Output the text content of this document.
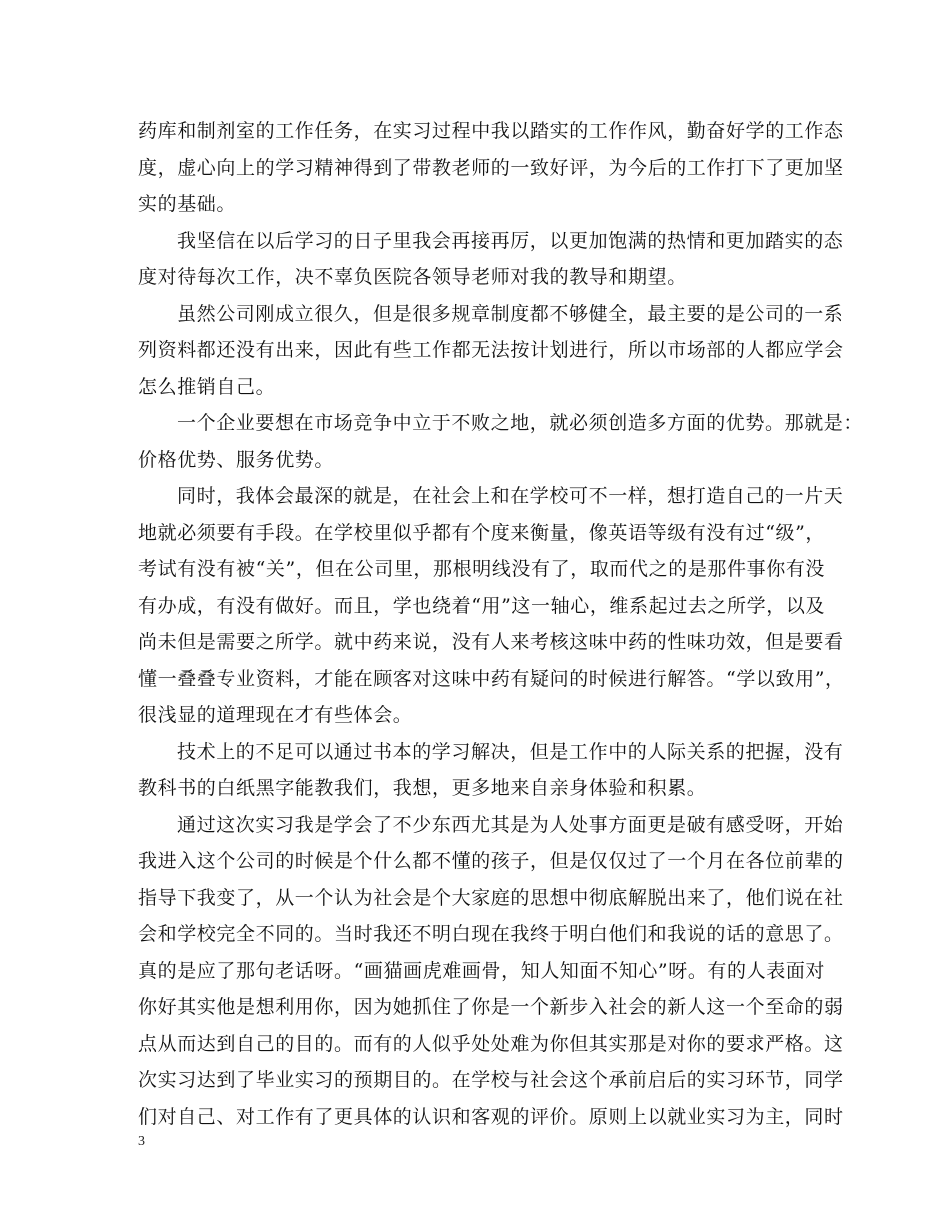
药库和制剂室的工作任务，在实习过程中我以踏实的工作作风，勤奋好学的工作态
度，虚心向上的学习精神得到了带教老师的一致好评，为今后的工作打下了更加坚
实的基础。
我坚信在以后学习的日子里我会再接再厉，以更加饱满的热情和更加踏实的态
度对待每次工作，决不辜负医院各领导老师对我的教导和期望。
虽然公司刚成立很久，但是很多规章制度都不够健全，最主要的是公司的一系
列资料都还没有出来，因此有些工作都无法按计划进行，所以市场部的人都应学会
怎么推销自己。
一个企业要想在市场竞争中立于不败之地，就必须创造多方面的优势。那就是：
价格优势、服务优势。
同时，我体会最深的就是，在社会上和在学校可不一样，想打造自己的一片天
地就必须要有手段。在学校里似乎都有个度来衡量，像英语等级有没有过“级”，
考试有没有被“关”，但在公司里，那根明线没有了，取而代之的是那件事你有没
有办成，有没有做好。而且，学也绕着“用”这一轴心，维系起过去之所学，以及
尚未但是需要之所学。就中药来说，没有人来考核这味中药的性味功效，但是要看
懂一叠叠专业资料，才能在顾客对这味中药有疑问的时候进行解答。“学以致用”，
很浅显的道理现在才有些体会。
技术上的不足可以通过书本的学习解决，但是工作中的人际关系的把握，没有
教科书的白纸黑字能教我们，我想，更多地来自亲身体验和积累。
通过这次实习我是学会了不少东西尤其是为人处事方面更是破有感受呀，开始
我进入这个公司的时候是个什么都不懂的孩子，但是仅仅过了一个月在各位前辈的
指导下我变了，从一个认为社会是个大家庭的思想中彻底解脱出来了，他们说在社
会和学校完全不同的。当时我还不明白现在我终于明白他们和我说的话的意思了。
真的是应了那句老话呀。“画猫画虎难画骨，知人知面不知心”呀。有的人表面对
你好其实他是想利用你，因为她抓住了你是一个新步入社会的新人这一个至命的弱
点从而达到自己的目的。而有的人似乎处处难为你但其实那是对你的要求严格。这
次实习达到了毕业实习的预期目的。在学校与社会这个承前启后的实习环节，同学
们对自己、对工作有了更具体的认识和客观的评价。原则上以就业实习为主，同时
3
